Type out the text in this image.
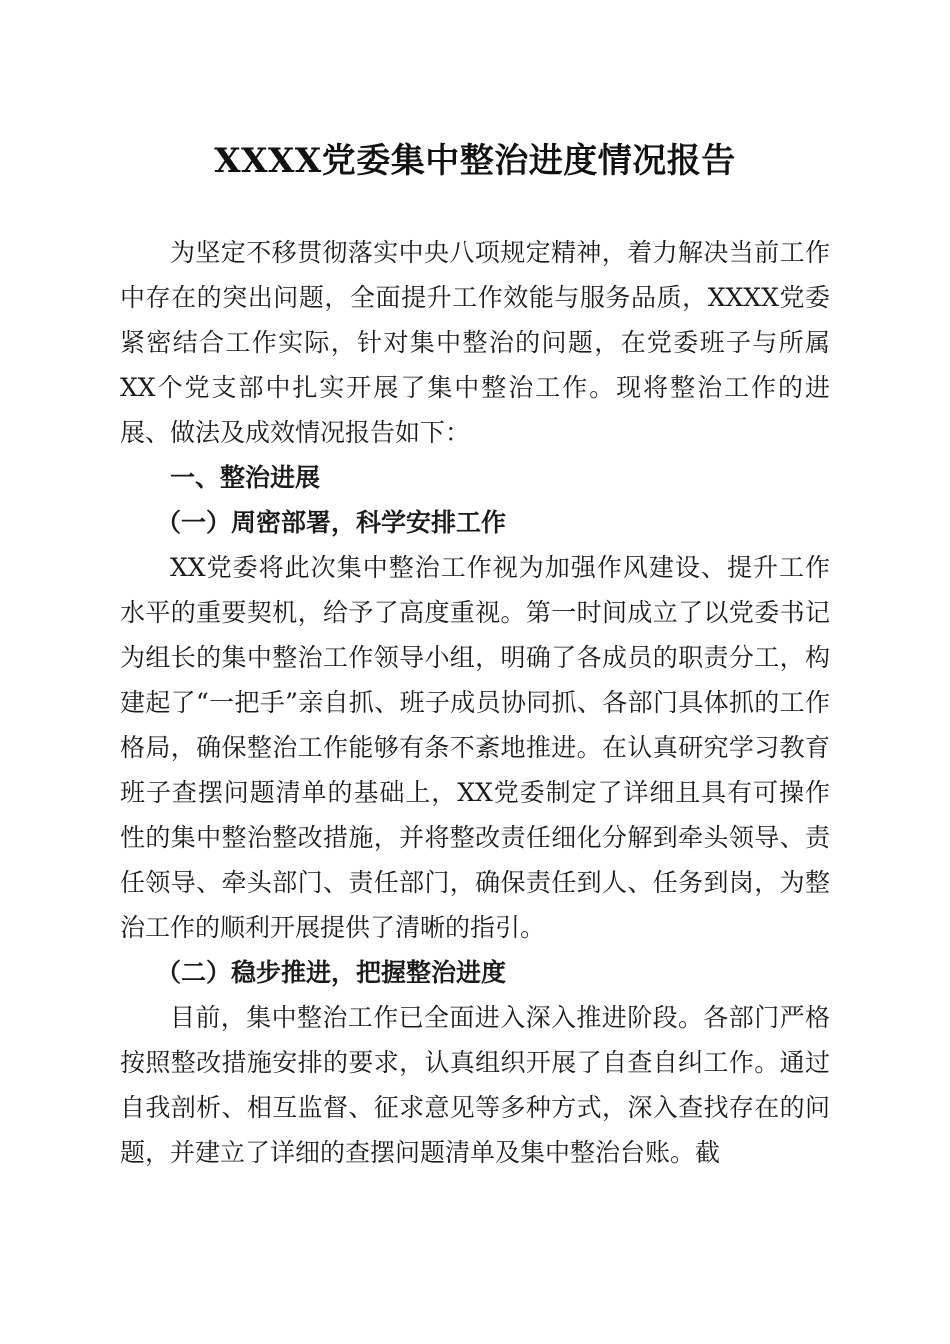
XXXX党委集中整治进度情况报告

为坚定不移贯彻落实中央八项规定精神，着力解决当前工作中存在的突出问题，全面提升工作效能与服务品质，XXXX党委紧密结合工作实际，针对集中整治的问题，在党委班子与所属XX个党支部中扎实开展了集中整治工作。现将整治工作的进展、做法及成效情况报告如下：

一、整治进展

（一）周密部署，科学安排工作

XX党委将此次集中整治工作视为加强作风建设、提升工作水平的重要契机，给予了高度重视。第一时间成立了以党委书记为组长的集中整治工作领导小组，明确了各成员的职责分工，构建起了“一把手”亲自抓、班子成员协同抓、各部门具体抓的工作格局，确保整治工作能够有条不紊地推进。在认真研究学习教育班子查摆问题清单的基础上，XX党委制定了详细且具有可操作性的集中整治整改措施，并将整改责任细化分解到牵头领导、责任领导、牵头部门、责任部门，确保责任到人、任务到岗，为整治工作的顺利开展提供了清晰的指引。

（二）稳步推进，把握整治进度

目前，集中整治工作已全面进入深入推进阶段。各部门严格按照整改措施安排的要求，认真组织开展了自查自纠工作。通过自我剖析、相互监督、征求意见等多种方式，深入查找存在的问题，并建立了详细的查摆问题清单及集中整治台账。截
